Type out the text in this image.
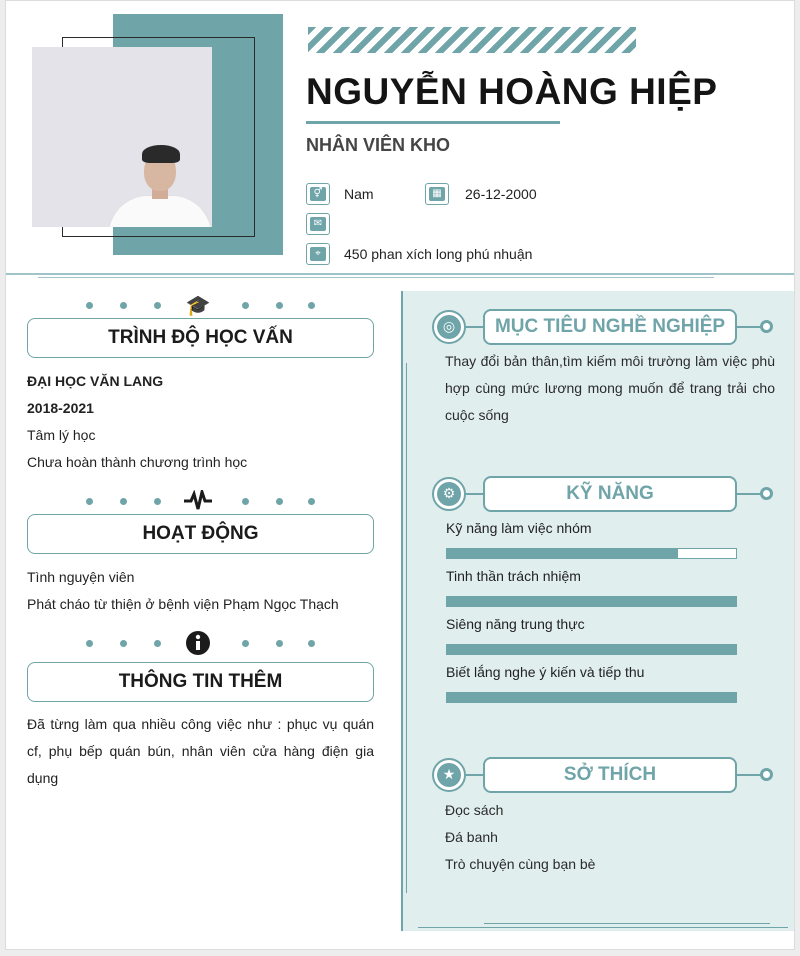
NGUYỄN HOÀNG HIỆP
NHÂN VIÊN KHO
⚥ Nam	▦ 26-12-2000
✉
⌖	450 phan xích long phú nhuận
🎓
TRÌNH ĐỘ HỌC VẤN
ĐẠI HỌC VĂN LANG
2018-2021
Tâm lý học
Chưa hoàn thành chương trình học
HOẠT ĐỘNG
Tình nguyện viên
Phát cháo từ thiện ở bệnh viện Phạm Ngọc Thạch
THÔNG TIN THÊM
Đã từng làm qua nhiều công việc như : phục vụ quán cf, phụ bếp quán bún, nhân viên cửa hàng điện gia dụng
◎	MỤC TIÊU NGHỀ NGHIỆP
Thay đổi bản thân,tìm kiếm môi trường làm việc phù hợp cùng mức lương mong muốn để trang trải cho cuộc sống
⚙	KỸ NĂNG
Kỹ năng làm việc nhóm
Tinh thần trách nhiệm
Siêng năng trung thực
Biết lắng nghe ý kiến và tiếp thu
★	SỞ THÍCH
Đọc sách
Đá banh
Trò chuyện cùng bạn bè
